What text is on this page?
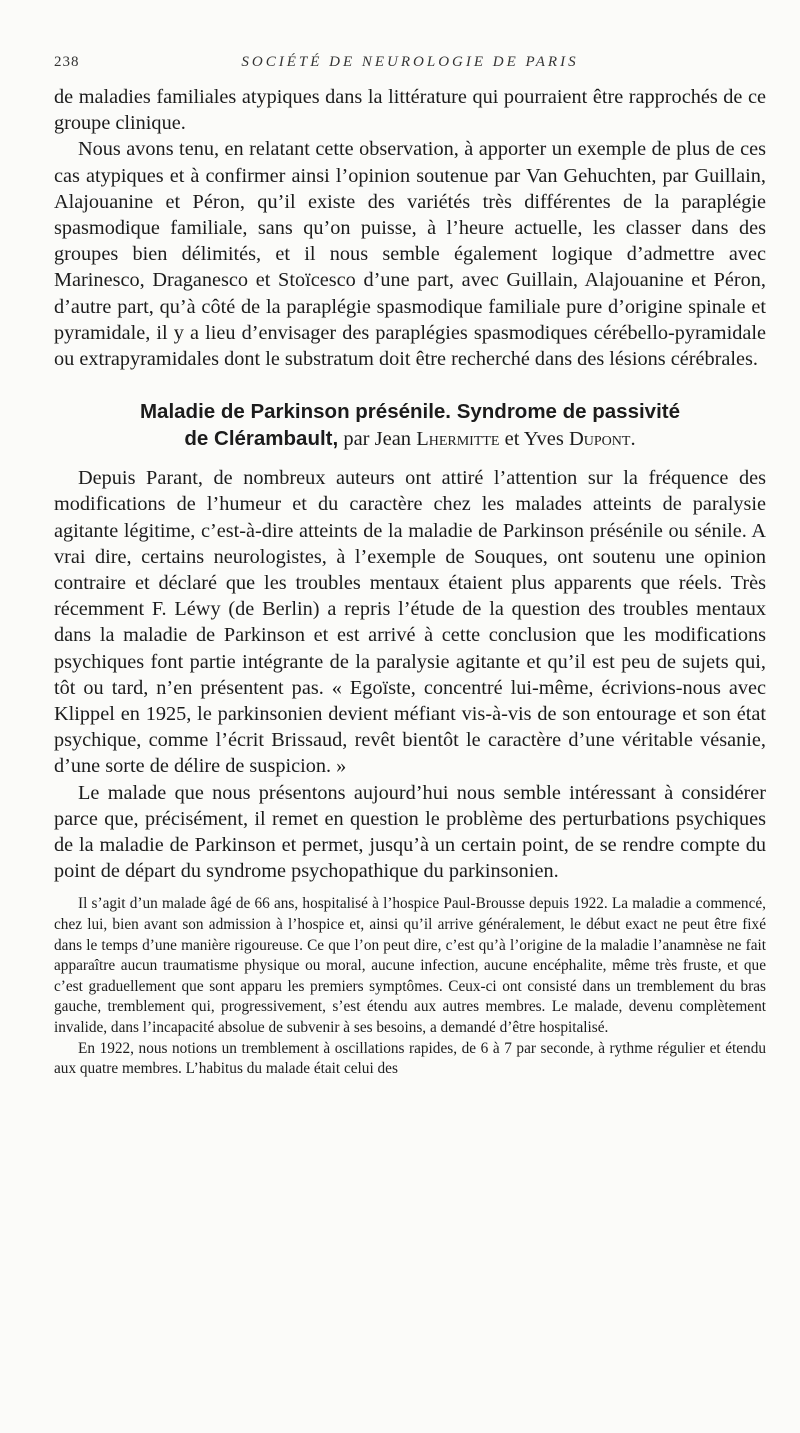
238	SOCIÉTÉ DE NEUROLOGIE DE PARIS

de maladies familiales atypiques dans la littérature qui pourraient être rapprochés de ce groupe clinique.

Nous avons tenu, en relatant cette observation, à apporter un exemple de plus de ces cas atypiques et à confirmer ainsi l’opinion soutenue par Van Gehuchten, par Guillain, Alajouanine et Péron, qu’il existe des variétés très différentes de la paraplégie spasmodique familiale, sans qu’on puisse, à l’heure actuelle, les classer dans des groupes bien délimités, et il nous semble également logique d’admettre avec Marinesco, Draganesco et Stoïcesco d’une part, avec Guillain, Alajouanine et Péron, d’autre part, qu’à côté de la paraplégie spasmodique familiale pure d’origine spinale et pyramidale, il y a lieu d’envisager des paraplégies spasmodiques cérébello-pyramidale ou extrapyramidales dont le substratum doit être recherché dans des lésions cérébrales.

Maladie de Parkinson présénile. Syndrome de passivité
de Clérambault, par Jean Lhermitte et Yves Dupont.

Depuis Parant, de nombreux auteurs ont attiré l’attention sur la fréquence des modifications de l’humeur et du caractère chez les malades atteints de paralysie agitante légitime, c’est-à-dire atteints de la maladie de Parkinson présénile ou sénile. A vrai dire, certains neurologistes, à l’exemple de Souques, ont soutenu une opinion contraire et déclaré que les troubles mentaux étaient plus apparents que réels. Très récemment F. Léwy (de Berlin) a repris l’étude de la question des troubles mentaux dans la maladie de Parkinson et est arrivé à cette conclusion que les modifications psychiques font partie intégrante de la paralysie agitante et qu’il est peu de sujets qui, tôt ou tard, n’en présentent pas. « Egoïste, concentré lui-même, écrivions-nous avec Klippel en 1925, le parkinsonien devient méfiant vis-à-vis de son entourage et son état psychique, comme l’écrit Brissaud, revêt bientôt le caractère d’une véritable vésanie, d’une sorte de délire de suspicion. »

Le malade que nous présentons aujourd’hui nous semble intéressant à considérer parce que, précisément, il remet en question le problème des perturbations psychiques de la maladie de Parkinson et permet, jusqu’à un certain point, de se rendre compte du point de départ du syndrome psychopathique du parkinsonien.

Il s’agit d’un malade âgé de 66 ans, hospitalisé à l’hospice Paul-Brousse depuis 1922. La maladie a commencé, chez lui, bien avant son admission à l’hospice et, ainsi qu’il arrive généralement, le début exact ne peut être fixé dans le temps d’une manière rigoureuse. Ce que l’on peut dire, c’est qu’à l’origine de la maladie l’anamnèse ne fait apparaître aucun traumatisme physique ou moral, aucune infection, aucune encéphalite, même très fruste, et que c’est graduellement que sont apparu les premiers symptômes. Ceux-ci ont consisté dans un tremblement du bras gauche, tremblement qui, progressivement, s’est étendu aux autres membres. Le malade, devenu complètement invalide, dans l’incapacité absolue de subvenir à ses besoins, a demandé d’être hospitalisé.

En 1922, nous notions un tremblement à oscillations rapides, de 6 à 7 par seconde, à rythme régulier et étendu aux quatre membres. L’habitus du malade était celui des
